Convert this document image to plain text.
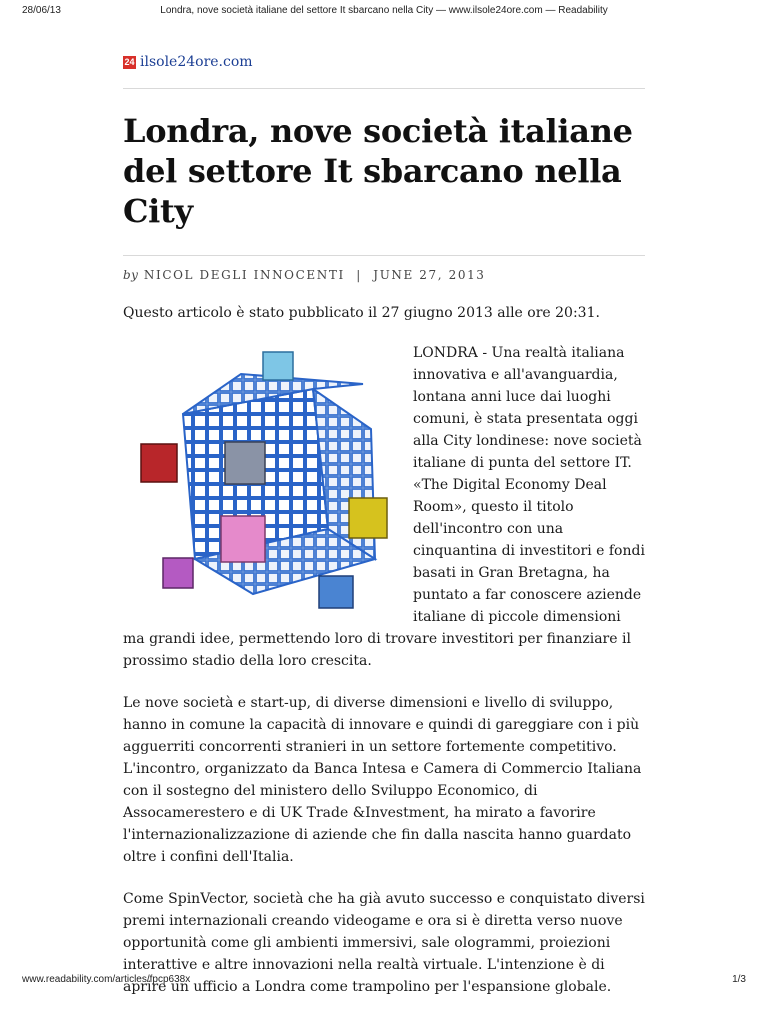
28/06/13	Londra, nove società italiane del settore It sbarcano nella City — www.ilsole24ore.com — Readability
24 ilsole24ore.com
Londra, nove società italiane del settore It sbarcano nella City
by NICOL DEGLI INNOCENTI | JUNE 27, 2013
Questo articolo è stato pubblicato il 27 giugno 2013 alle ore 20:31.

LONDRA - Una realtà italiana innovativa e all'avanguardia, lontana anni luce dai luoghi comuni, è stata presentata oggi alla City londinese: nove società italiane di punta del settore IT. «The Digital Economy Deal Room», questo il titolo dell'incontro con una cinquantina di investitori e fondi basati in Gran Bretagna, ha puntato a far conoscere aziende italiane di piccole dimensioni ma grandi idee, permettendo loro di trovare investitori per finanziare il prossimo stadio della loro crescita.

Le nove società e start-up, di diverse dimensioni e livello di sviluppo, hanno in comune la capacità di innovare e quindi di gareggiare con i più agguerriti concorrenti stranieri in un settore fortemente competitivo. L'incontro, organizzato da Banca Intesa e Camera di Commercio Italiana con il sostegno del ministero dello Sviluppo Economico, di Assocamerestero e di UK Trade &Investment, ha mirato a favorire l'internazionalizzazione di aziende che fin dalla nascita hanno guardato oltre i confini dell'Italia.

Come SpinVector, società che ha già avuto successo e conquistato diversi premi internazionali creando videogame e ora si è diretta verso nuove opportunità come gli ambienti immersivi, sale ologrammi, proiezioni interattive e altre innovazioni nella realtà virtuale. L'intenzione è di aprire un ufficio a Londra come trampolino per l'espansione globale.

www.readability.com/articles/fpcp638x	1/3
